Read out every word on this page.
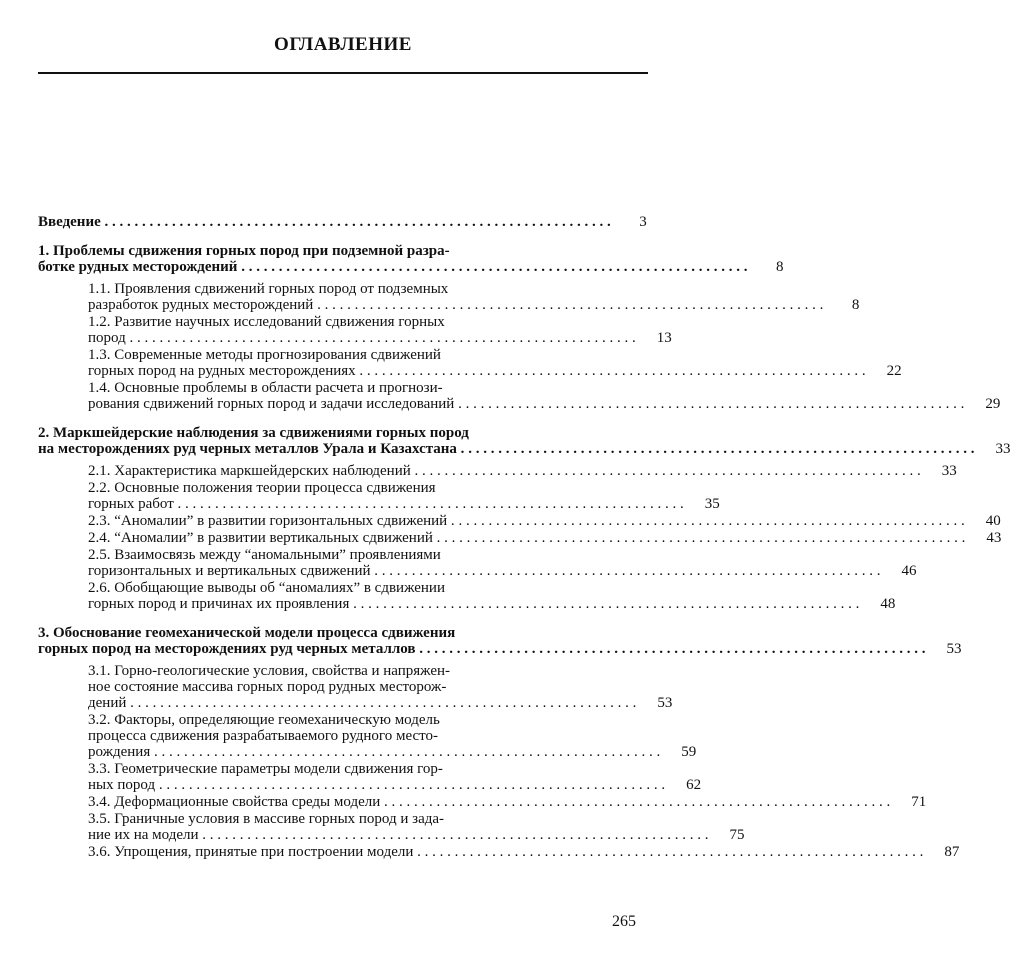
ОГЛАВЛЕНИЕ
Введение . . .	3
1. Проблемы сдвижения горных пород при подземной разра-
ботке рудных месторождений . . .	8
1.1. Проявления сдвижений горных пород от подземных
разработок рудных месторождений . . .	8
1.2. Развитие научных исследований сдвижения горных
пород . . .	13
1.3. Современные методы прогнозирования сдвижений
горных пород на рудных месторождениях . . .	22
1.4. Основные проблемы в области расчета и прогнози-
рования сдвижений горных пород и задачи исследований . . .	29
2. Маркшейдерские наблюдения за сдвижениями горных пород
на месторождениях руд черных металлов Урала и Казахстана . . . .	33
2.1. Характеристика маркшейдерских наблюдений . . .	33
2.2. Основные положения теории процесса сдвижения
горных работ . . .	35
2.3. “Аномалии” в развитии горизонтальных сдвижений . . . .	40
2.4. “Аномалии” в развитии вертикальных сдвижений . . . . . .	43
2.5. Взаимосвязь между “аномальными” проявлениями
горизонтальных и вертикальных сдвижений . . .	46
2.6. Обобщающие выводы об “аномалиях” в сдвижении
горных пород и причинах их проявления . . .	48
3. Обоснование геомеханической модели процесса сдвижения
горных пород на месторождениях руд черных металлов . . .	53
3.1. Горно-геологические условия, свойства и напряжен-
ное состояние массива горных пород рудных месторож-
дений . . .	53
3.2. Факторы, определяющие геомеханическую модель
процесса сдвижения разрабатываемого рудного место-
рождения . . .	59
3.3. Геометрические параметры модели сдвижения гор-
ных пород . . .	62
3.4. Деформационные свойства среды модели . . .	71
3.5. Граничные условия в массиве горных пород и зада-
ние их на модели . . .	75
3.6. Упрощения, принятые при построении модели . . .	87
265
